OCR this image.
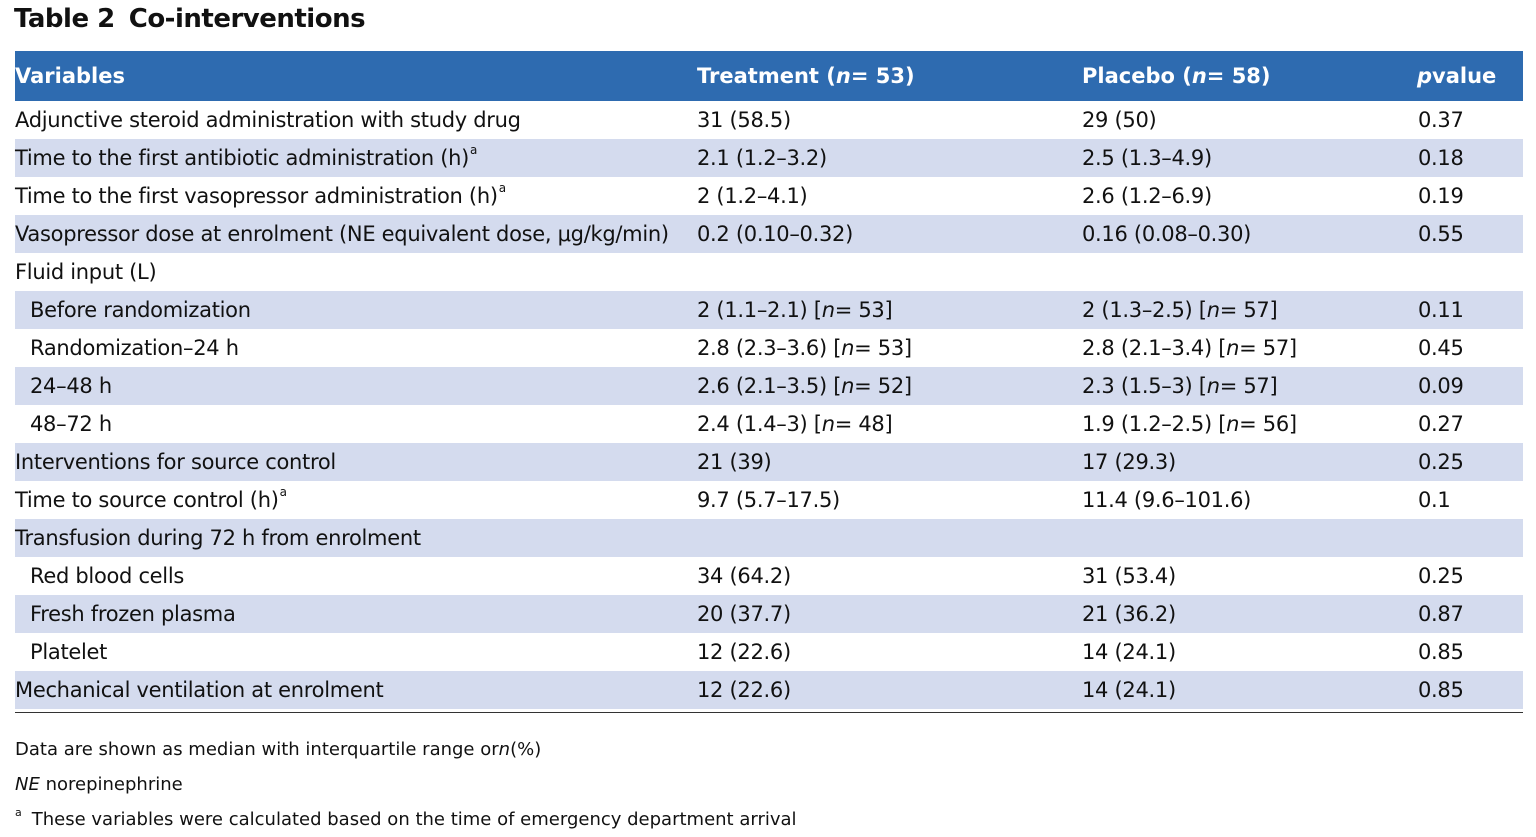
Table 2 Co-interventions
Variables	Treatment ( n = 53)	Placebo ( n = 58)	p value
Adjunctive steroid administration with study drug	31 (58.5)	29 (50)	0.37
Time to the first antibiotic administration (h) a	2.1 (1.2–3.2)	2.5 (1.3–4.9)	0.18
Time to the first vasopressor administration (h) a	2 (1.2–4.1)	2.6 (1.2–6.9)	0.19
Vasopressor dose at enrolment (NE equivalent dose, μg/kg/min) 0.2 (0.10–0.32)	0.16 (0.08–0.30)	0.55
Fluid input (L)
Before randomization	2 (1.1–2.1) [ n = 53]	2 (1.3–2.5) [ n = 57]	0.11
Randomization–24 h	2.8 (2.3–3.6) [ n = 53]	2.8 (2.1–3.4) [ n = 57]	0.45
24–48 h	2.6 (2.1–3.5) [ n = 52]	2.3 (1.5–3) [ n = 57]	0.09
48–72 h	2.4 (1.4–3) [ n = 48]	1.9 (1.2–2.5) [ n = 56]	0.27
Interventions for source control	21 (39)	17 (29.3)	0.25
Time to source control (h) a	9.7 (5.7–17.5)	11.4 (9.6–101.6)	0.1
Transfusion during 72 h from enrolment
Red blood cells	34 (64.2)	31 (53.4)	0.25
Fresh frozen plasma	20 (37.7)	21 (36.2)	0.87
Platelet	12 (22.6)	14 (24.1)	0.85
Mechanical ventilation at enrolment	12 (22.6)	14 (24.1)	0.85
Data are shown as median with interquartile range or n (%)
NE
norepinephrine
a These variables were calculated based on the time of emergency department arrival
